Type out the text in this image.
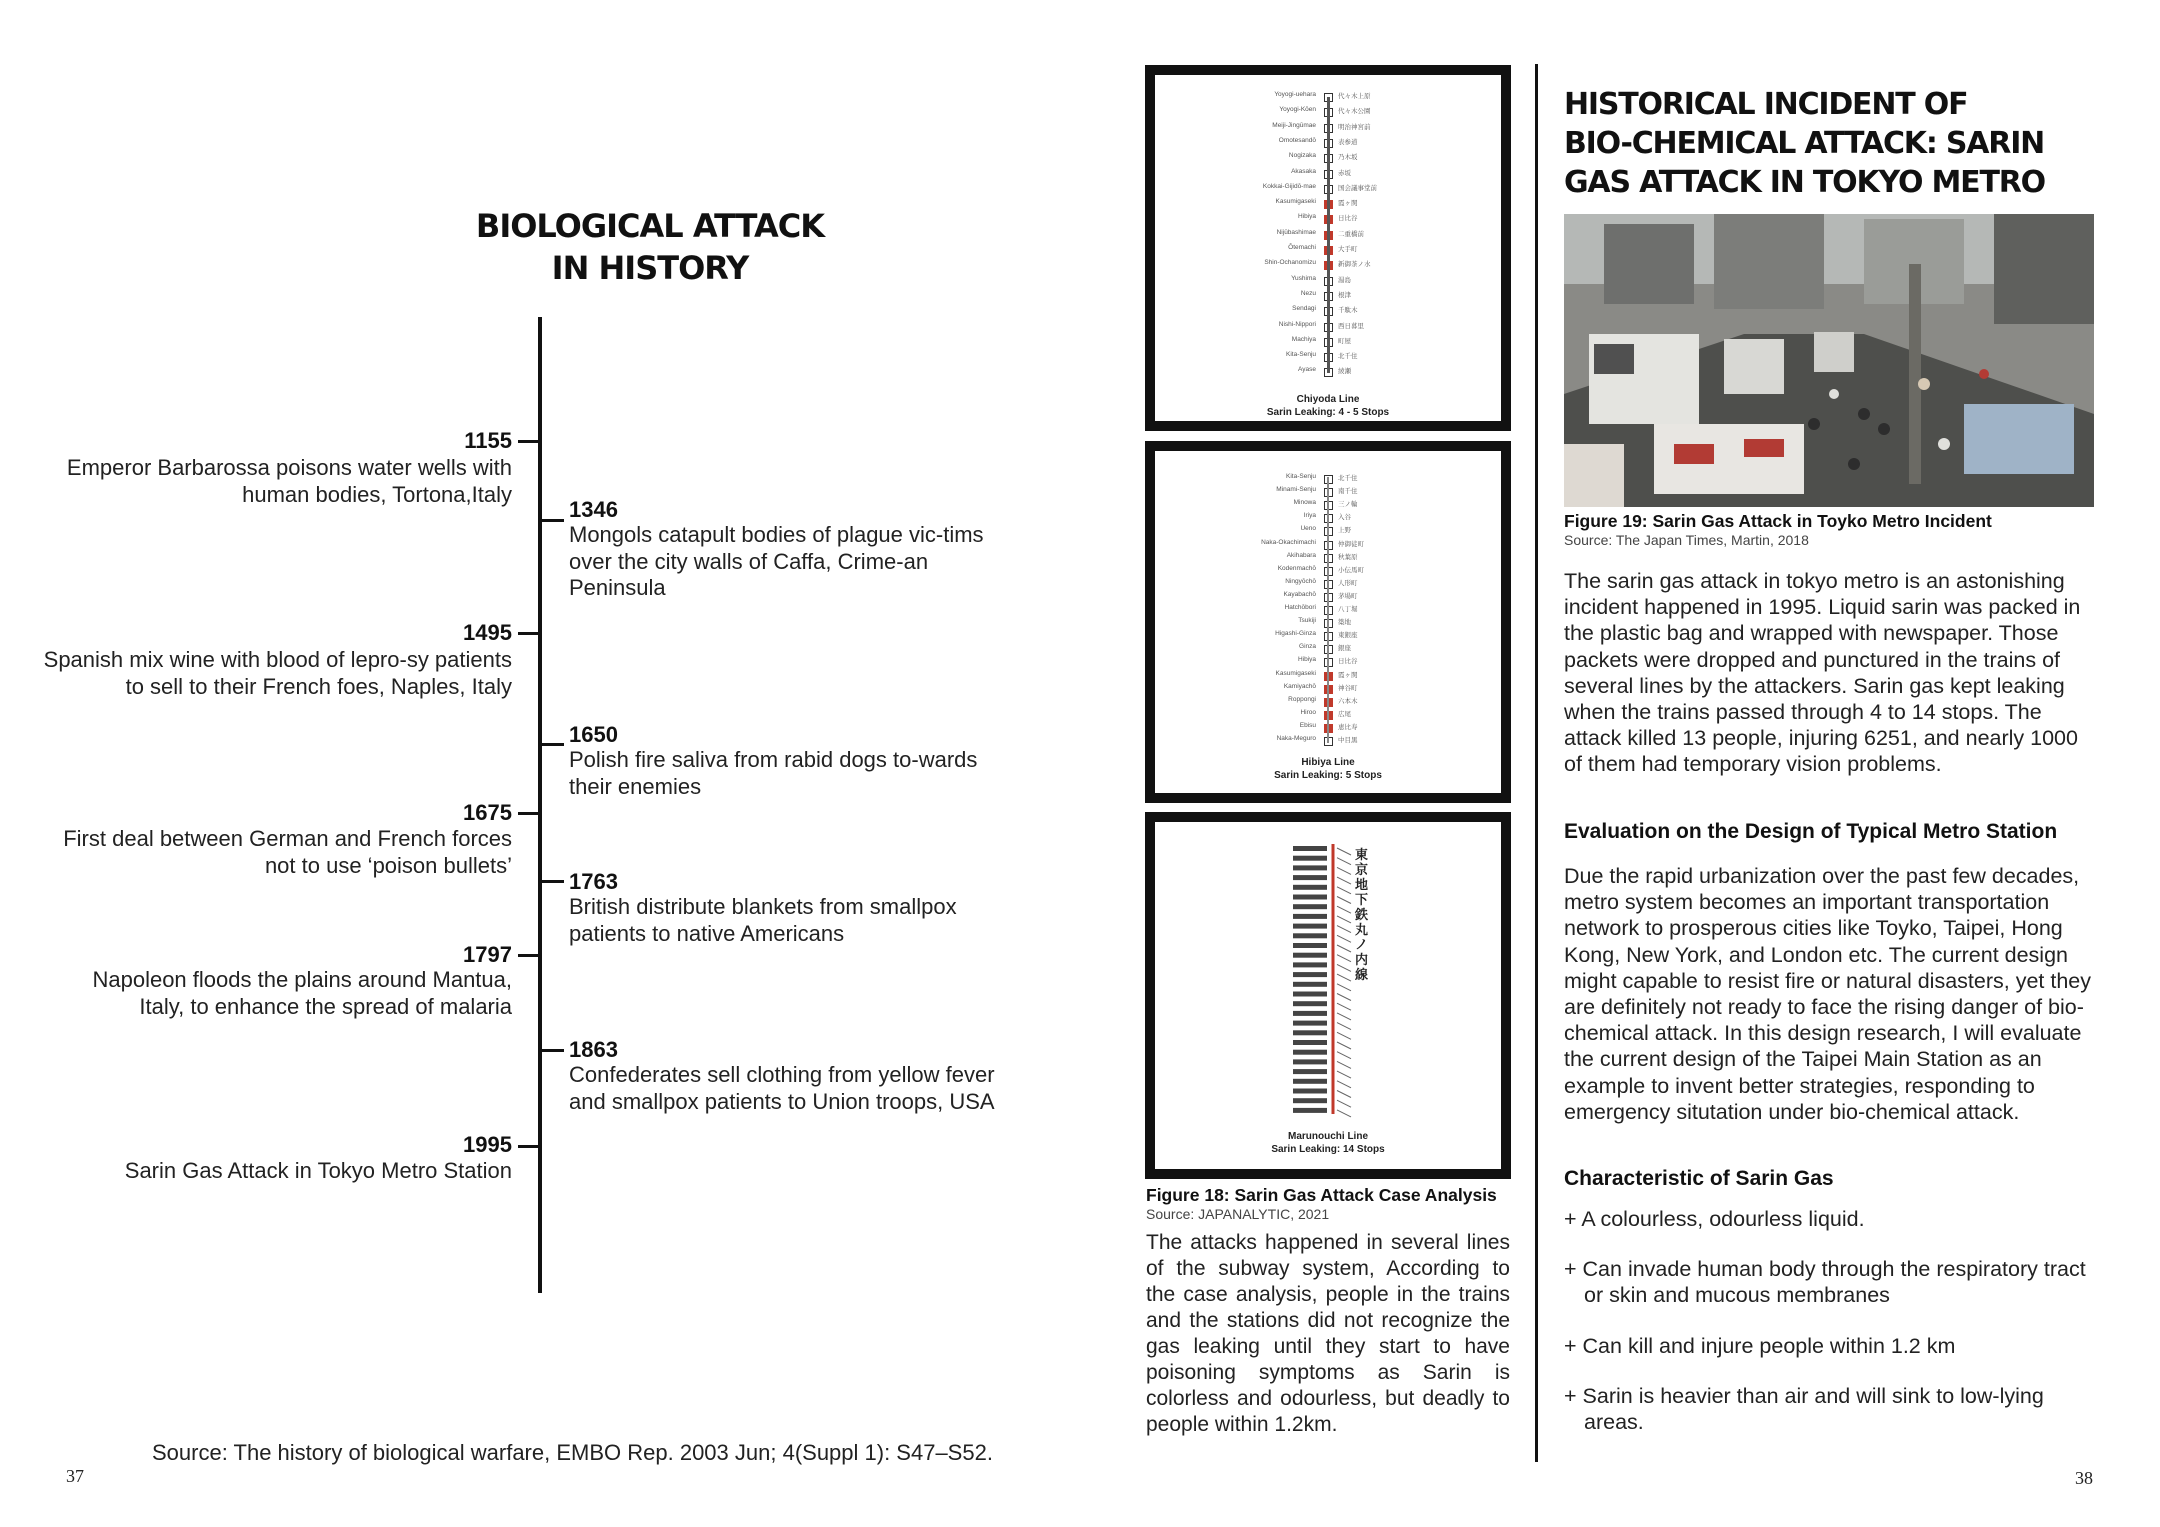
BIOLOGICAL ATTACK
IN HISTORY
1155
Emperor Barbarossa poisons water wells with human bodies, Tortona,Italy
1346
Mongols catapult bodies of plague vic-tims over the city walls of Caffa, Crime-an Peninsula
1495
Spanish mix wine with blood of lepro-sy patients to sell to their French foes, Naples, Italy
1650
Polish fire saliva from rabid dogs to-wards their enemies
1675
First deal between German and French forces not to use ‘poison bullets’
1763
British distribute blankets from smallpox patients to native Americans
1797
Napoleon floods the plains around Mantua, Italy, to enhance the spread of malaria
1863
Confederates sell clothing from yellow fever and smallpox patients to Union troops, USA
1995
Sarin Gas Attack in Tokyo Metro Station
Source: The history of biological warfare, EMBO Rep. 2003 Jun; 4(Suppl 1): S47–S52.
37
Yoyogi-uehara	代々木上原
Yoyogi-Kōen	代々木公園
Meiji-Jingūmae	明治神宮前
Omotesandō	表参道
Nogizaka	乃木坂
Akasaka	赤坂
Kokkai-Gijidō-mae	国会議事堂前
Kasumigaseki	霞ヶ関
Hibiya	日比谷
Nijūbashimae	二重橋前
Ōtemachi	大手町
Shin-Ochanomizu	新御茶ノ水
Yushima	湯島
Nezu	根津
Sendagi	千駄木
Nishi-Nippori	西日暮里
Machiya	町屋
Kita-Senju	北千住
Ayase	綾瀬
Chiyoda Line
Sarin Leaking: 4 - 5 Stops
Kita-Senju	北千住
Minami-Senju	南千住
Minowa	三ノ輪
Iriya	入谷
Ueno	上野
Naka-Okachimachi	仲御徒町
Akihabara	秋葉原
Kodenmachō	小伝馬町
Ningyōchō	人形町
Kayabachō	茅場町
Hatchōbori	八丁堀
Tsukiji	築地
Higashi-Ginza	東銀座
Ginza	銀座
Hibiya	日比谷
Kasumigaseki	霞ヶ関
Kamiyachō	神谷町
Roppongi	六本木
Hiroo	広尾
Ebisu	恵比寿
Naka-Meguro	中目黒
Hibiya Line
Sarin Leaking: 5 Stops
東京地下鉄丸ノ内線
Marunouchi Line
Sarin Leaking: 14 Stops
Figure 18: Sarin Gas Attack Case Analysis
Source: JAPANALYTIC, 2021
The attacks happened in several lines of the subway system, According to the case analysis, people in the trains and the stations did not recognize the gas leaking until they start to have poisoning symptoms as Sarin is colorless and odourless, but deadly to people within 1.2km.
HISTORICAL INCIDENT OF
BIO-CHEMICAL ATTACK: SARIN
GAS ATTACK IN TOKYO METRO
Figure 19: Sarin Gas Attack in Toyko Metro Incident
Source: The Japan Times, Martin, 2018
The sarin gas attack in tokyo metro is an astonishing incident happened in 1995. Liquid sarin was packed in the plastic bag and wrapped with newspaper. Those packets were dropped and punctured in the trains of several lines by the attackers. Sarin gas kept leaking when the trains passed through 4 to 14 stops. The attack killed 13 people, injuring 6251, and nearly 1000 of them had temporary vision problems.
Evaluation on the Design of Typical Metro Station
Due the rapid urbanization over the past few decades, metro system becomes an important transportation network to prosperous cities like Toyko, Taipei, Hong Kong, New York, and London etc. The current design might capable to resist fire or natural disasters, yet they are definitely not ready to face the rising danger of bio-chemical attack. In this design research, I will evaluate the current design of the Taipei Main Station as an example to invent better strategies, responding to emergency situtation under bio-chemical attack.
Characteristic of Sarin Gas
+ A colourless, odourless liquid.
+ Can invade human body through the respiratory tract or skin and mucous membranes
+ Can kill and injure people within 1.2 km
+ Sarin is heavier than air and will sink to low-lying areas.
38
